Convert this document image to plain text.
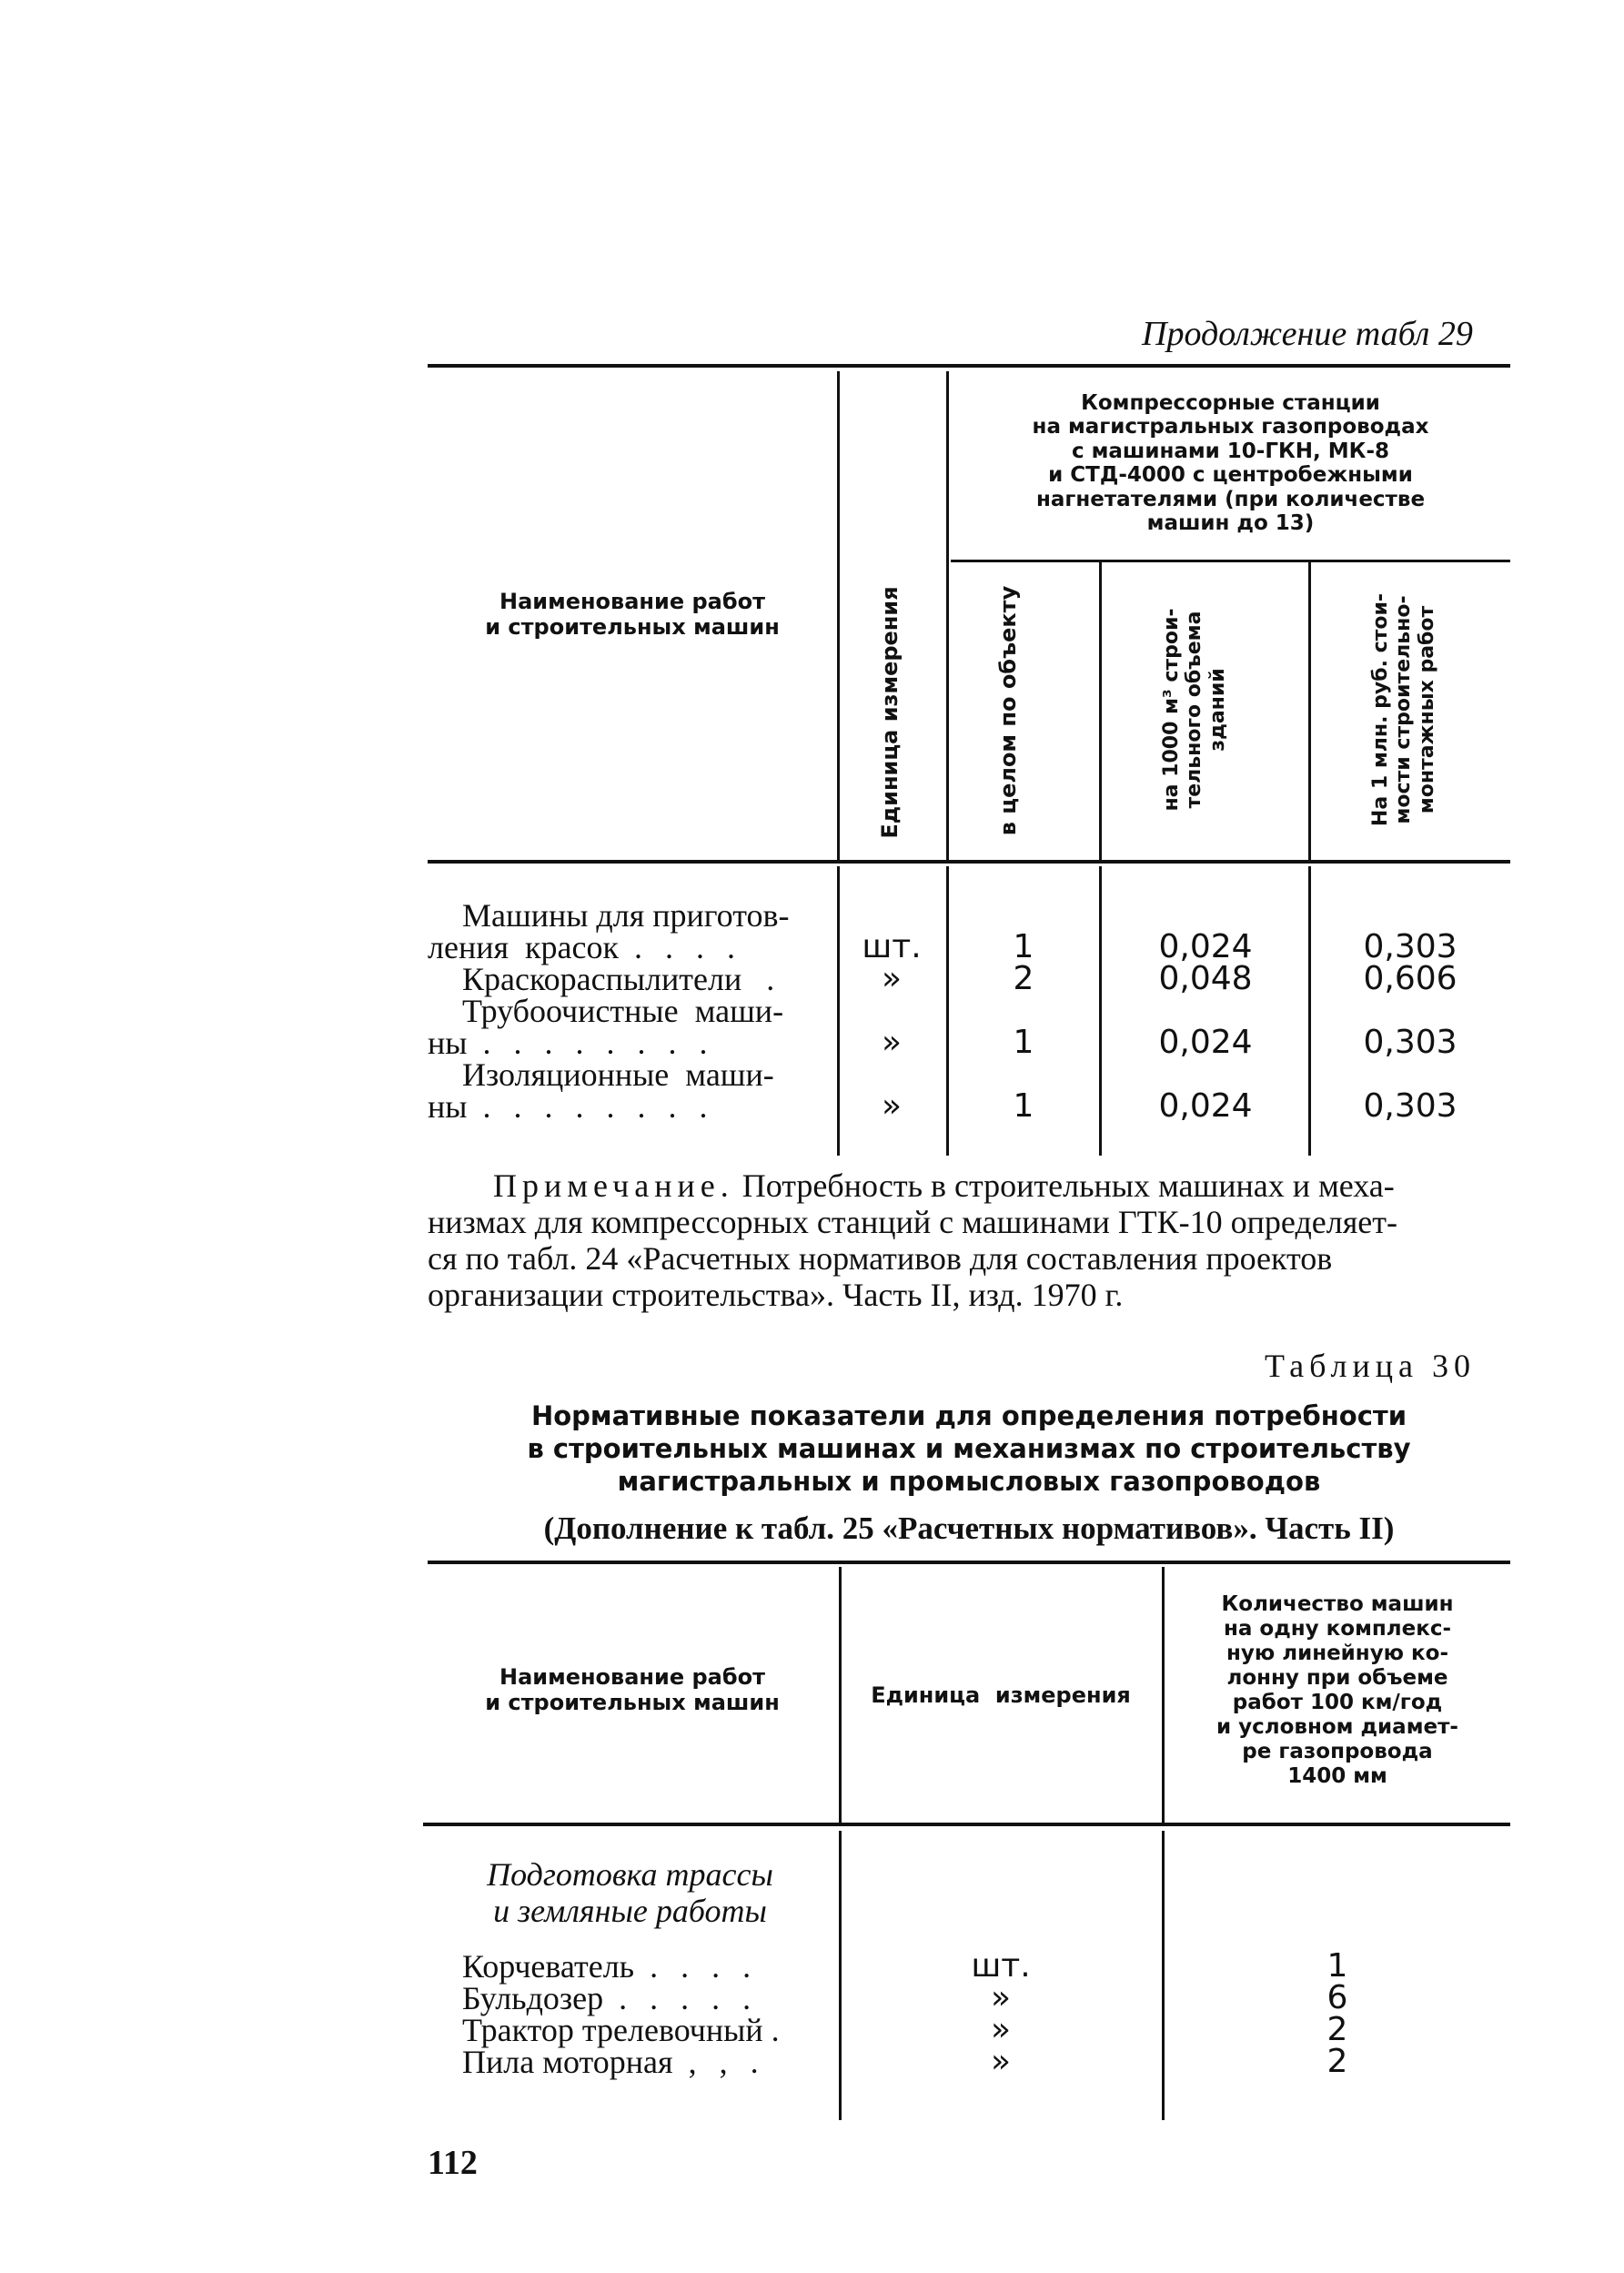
Продолжение табл 29
Наименование работ
и строительных машин	Единица измерения
Компрессорные станции
на магистральных газопроводах
с машинами 10-ГКН, МК-8
и СТД-4000 с центробежными
нагнетателями (при количестве
машин до 13)
в целом по объекту	на 1000 м³ строи-
тельного объема
зданий
На 1 млн. руб. стои-
мости строительно-
монтажных работ
Машины для приготов-
ления  красок . . . .	шт.	1	0,024	0,303
Краскораспылители   .	»	2	0,048	0,606
Трубоочистные  маши-
ны . . . . . . . .	»	1	0,024	0,303
Изоляционные  маши-
ны . . . . . . . .	»	1	0,024	0,303
Примечание. Потребность в строительных машинах и меха-
низмах для компрессорных станций с машинами ГТК-10 определяет-
ся по табл. 24 «Расчетных нормативов для составления проектов
организации строительства». Часть II, изд. 1970 г.
Таблица 30
Нормативные показатели для определения потребности
в строительных машинах и механизмах по строительству
магистральных и промысловых газопроводов
(Дополнение к табл. 25 «Расчетных нормативов». Часть II)
Наименование работ
и строительных машин	Единица  измерения
Количество машин
на одну комплекс-
ную линейную ко-
лонну при объеме
работ 100 км/год
и условном диамет-
ре газопровода
1400 мм
Подготовка трассы
и земляные работы
Корчеватель . . . .	шт.	1
Бульдозер . . . . .	»	6
Трактор трелевочный .	»	2
Пила моторная , , .	»	2
112
